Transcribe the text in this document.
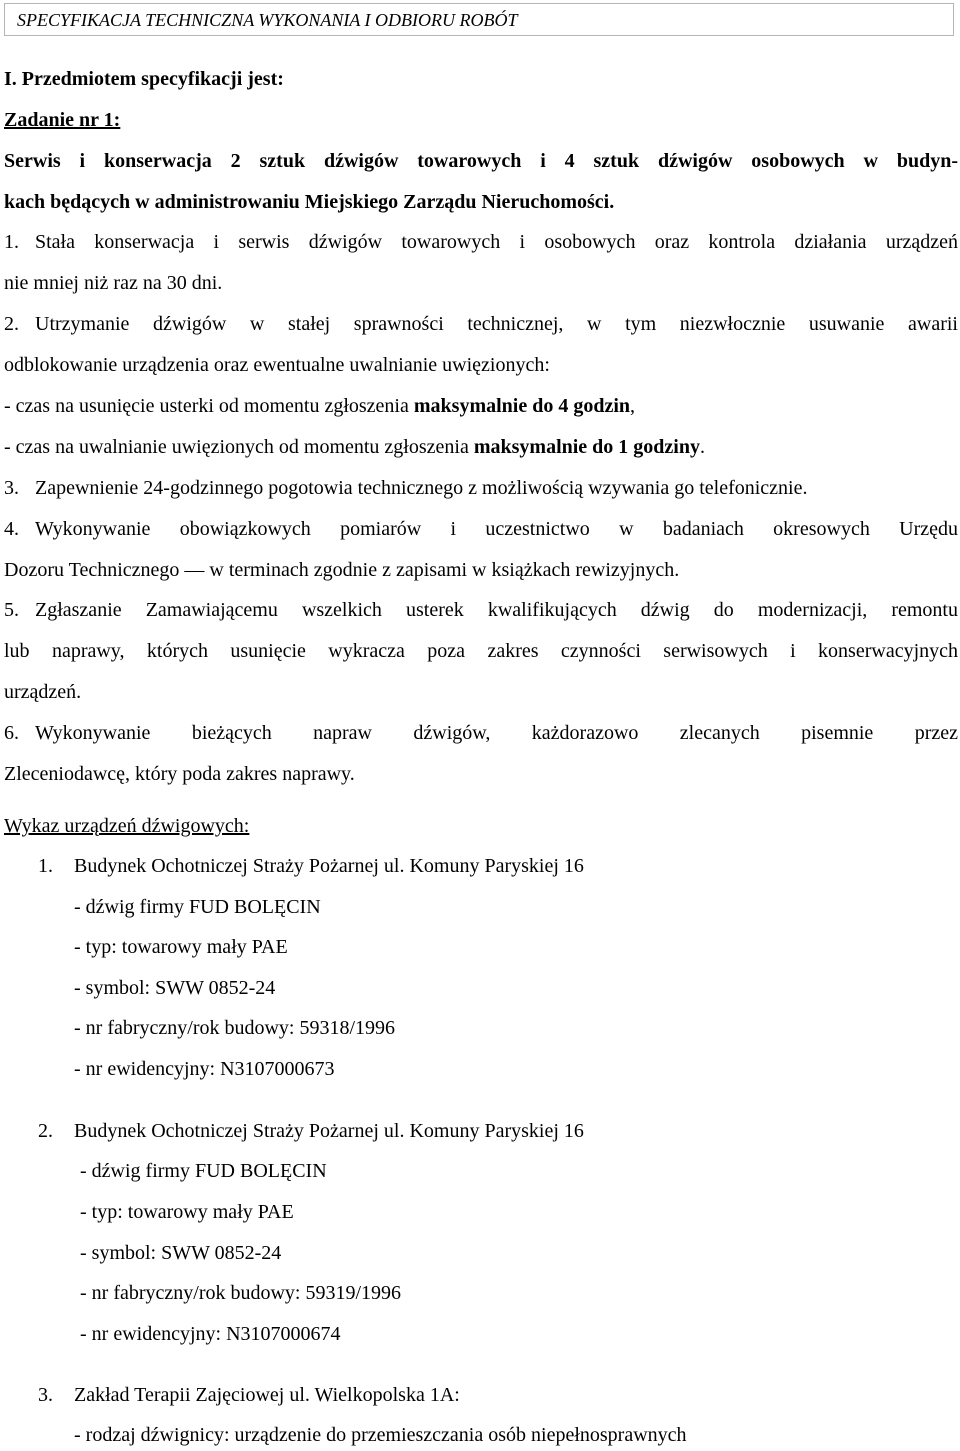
SPECYFIKACJA TECHNICZNA WYKONANIA I ODBIORU ROBÓT
I. Przedmiotem specyfikacji jest:
Zadanie nr 1:
Serwis i konserwacja 2 sztuk dźwigów towarowych i 4 sztuk dźwigów osobowych w budyn-
kach będących w administrowaniu Miejskiego Zarządu Nieruchomości.
1. Stała konserwacja i serwis dźwigów towarowych i osobowych oraz kontrola działania urządzeń
nie mniej niż raz na 30 dni.
2. Utrzymanie dźwigów w stałej sprawności technicznej, w tym niezwłocznie usuwanie awarii
odblokowanie urządzenia oraz ewentualne uwalnianie uwięzionych:
- czas na usunięcie usterki od momentu zgłoszenia maksymalnie do 4 godzin,
- czas na uwalnianie uwięzionych od momentu zgłoszenia maksymalnie do 1 godziny.
3. Zapewnienie 24-godzinnego pogotowia technicznego z możliwością wzywania go telefonicznie.
4. Wykonywanie obowiązkowych pomiarów i uczestnictwo w badaniach okresowych Urzędu
Dozoru Technicznego — w terminach zgodnie z zapisami w książkach rewizyjnych.
5. Zgłaszanie Zamawiającemu wszelkich usterek kwalifikujących dźwig do modernizacji, remontu
lub naprawy, których usunięcie wykracza poza zakres czynności serwisowych i konserwacyjnych
urządzeń.
6. Wykonywanie bieżących napraw dźwigów, każdorazowo zlecanych pisemnie przez
Zleceniodawcę, który poda zakres naprawy.
Wykaz urządzeń dźwigowych:
1. Budynek Ochotniczej Straży Pożarnej ul. Komuny Paryskiej 16
- dźwig firmy FUD BOLĘCIN
- typ: towarowy mały PAE
- symbol: SWW 0852-24
- nr fabryczny/rok budowy: 59318/1996
- nr ewidencyjny: N3107000673
2. Budynek Ochotniczej Straży Pożarnej ul. Komuny Paryskiej 16
- dźwig firmy FUD BOLĘCIN
- typ: towarowy mały PAE
- symbol: SWW 0852-24
- nr fabryczny/rok budowy: 59319/1996
- nr ewidencyjny: N3107000674
3. Zakład Terapii Zajęciowej ul. Wielkopolska 1A:
- rodzaj dźwignicy: urządzenie do przemieszczania osób niepełnosprawnych
